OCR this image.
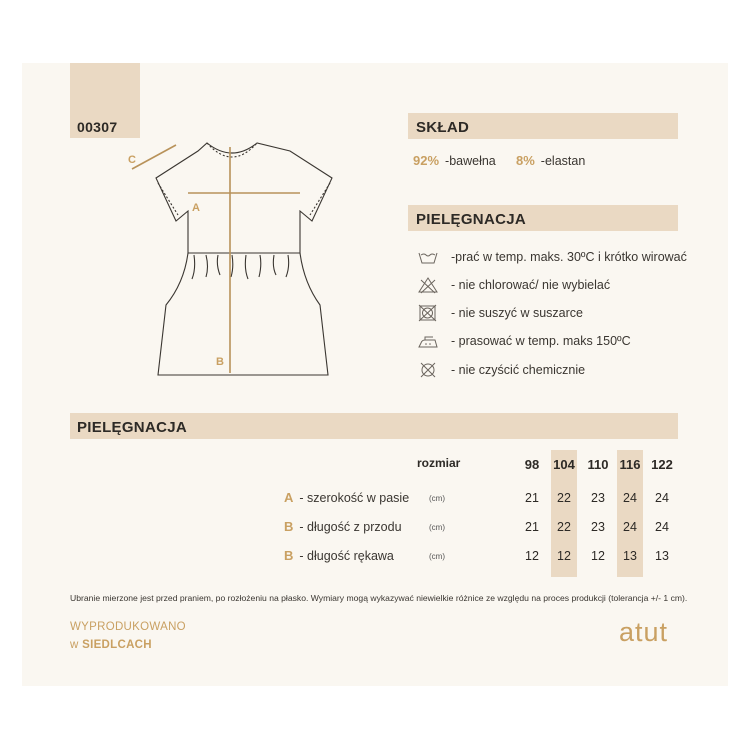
00307
A
B
C
SKŁAD
92% -bawełna 8% -elastan
PIELĘGNACJA
-prać w temp. maks. 30ºC i krótko wirować
- nie chlorować/ nie wybielać
- nie suszyć w suszarce
- prasować w temp. maks 150ºC
- nie czyścić chemicznie
PIELĘGNACJA
rozmiar	98	104 110 116 122
A - szerokość w pasie (cm)	21	22	23	24	24
B - długość z przodu	(cm)	21	22	23	24	24
B - długość rękawa	(cm)	12	12	12	13	13
Ubranie mierzone jest przed praniem, po rozłożeniu na płasko. Wymiary mogą wykazywać niewielkie różnice ze względu na proces produkcji (tolerancja +/- 1 cm).
WYPRODUKOWANO
w SIEDLCACH	atut
